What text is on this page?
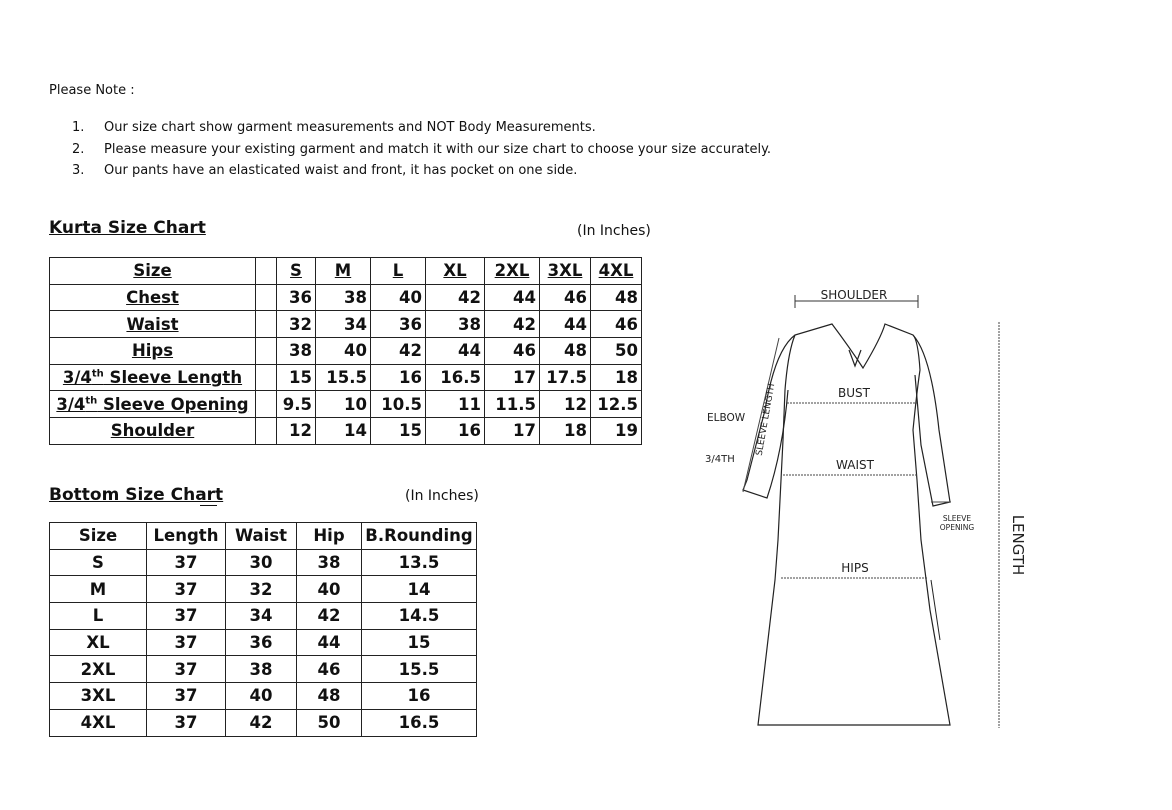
Please Note :
1. Our size chart show garment measurements and NOT Body Measurements.
2. Please measure your existing garment and match it with our size chart to choose your size accurately.
3. Our pants have an elasticated waist and front, it has pocket on one side.
Kurta Size Chart	(In Inches)
Size		S	M	L	XL	2XL	3XL	4XL
Chest		36	38	40	42	44	46	48
Waist		32	34	36	38	42	44	46
Hips		38	40	42	44	46	48	50
3/4th Sleeve Length		15	15.5	16	16.5	17	17.5	18
3/4th Sleeve Opening		9.5	10	10.5	11	11.5	12	12.5
Shoulder		12	14	15	16	17	18	19
Bottom Size Chart	(In Inches)
Size	Length	Waist	Hip	B.Rounding
S	37	30	38	13.5
M	37	32	40	14
L	37	34	42	14.5
XL	37	36	44	15
2XL	37	38	46	15.5
3XL	37	40	48	16
4XL	37	42	50	16.5
SHOULDER
BUST
WAIST
HIPS
SLEEVE LENGTH
ELBOW
3/4TH
SLEEVE
OPENING LENGTH
